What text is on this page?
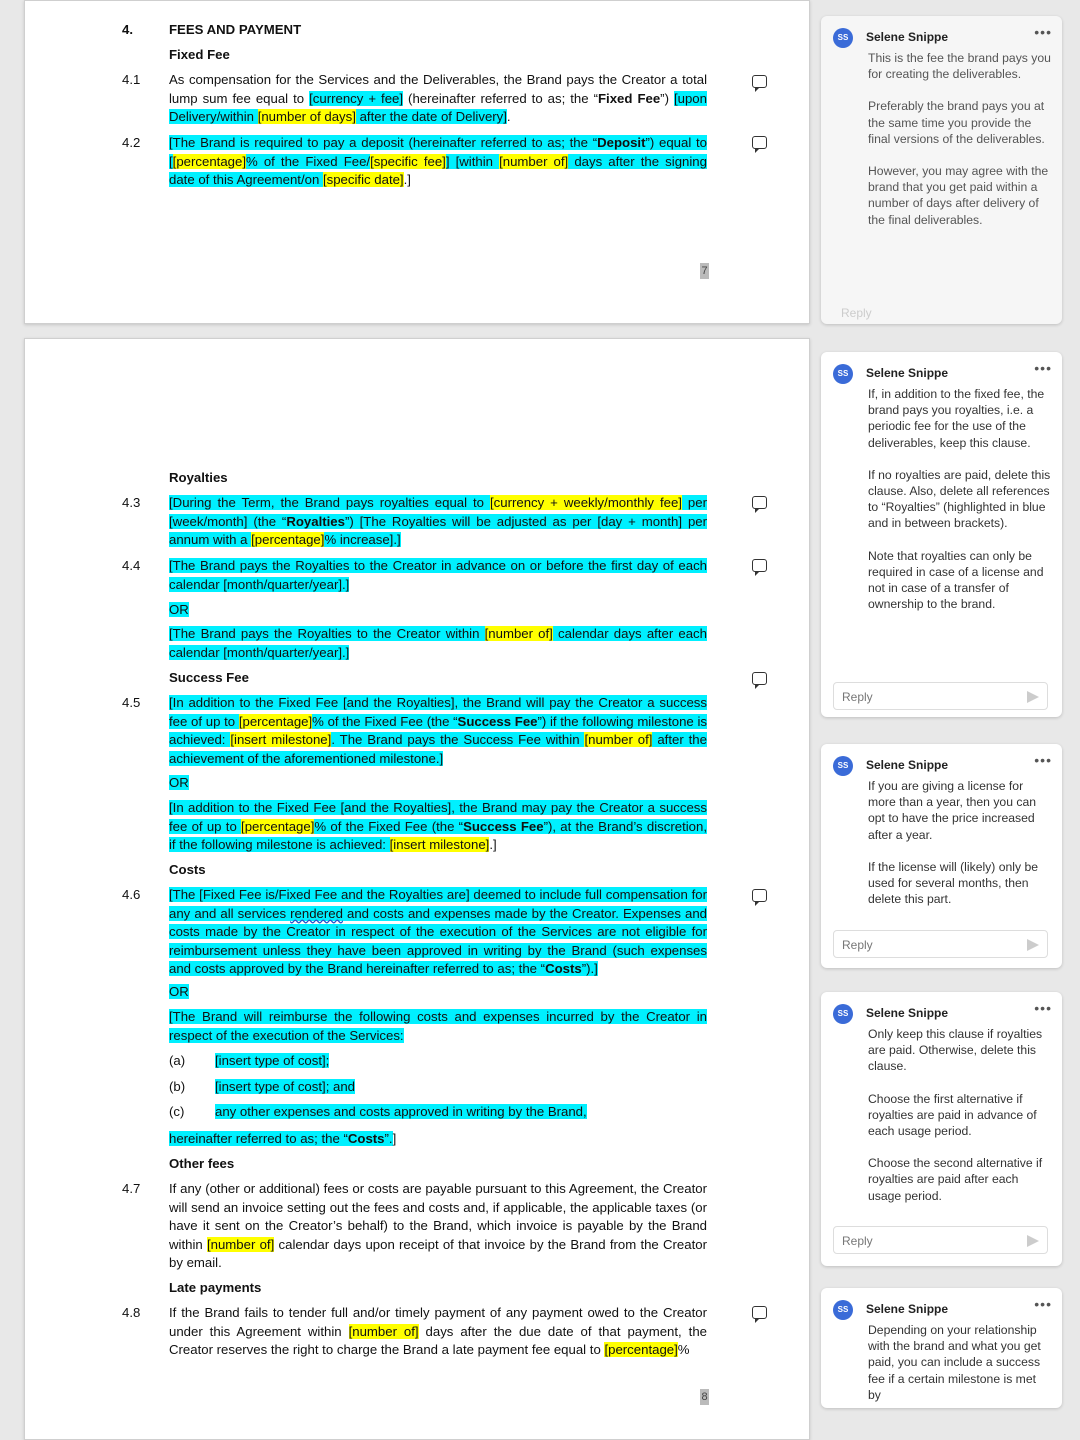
4.	FEES AND PAYMENT
Fixed Fee
4.1 As compensation for the Services and the Deliverables, the Brand pays the Creator a total lump sum fee equal to [currency + fee] (hereinafter referred to as; the “Fixed Fee”) [upon Delivery/within [number of days] after the date of Delivery].
4.2 [The Brand is required to pay a deposit (hereinafter referred to as; the “Deposit”) equal to [[percentage]% of the Fixed Fee/[specific fee]] [within [number of] days after the signing date of this Agreement/on [specific date].]
7
Royalties
4.3 [During the Term, the Brand pays royalties equal to [currency + weekly/monthly fee] per [week/month] (the “Royalties”) [The Royalties will be adjusted as per [day + month] per annum with a [percentage]% increase].]
4.4 [The Brand pays the Royalties to the Creator in advance on or before the first day of each calendar [month/quarter/year].]
OR
[The Brand pays the Royalties to the Creator within [number of] calendar days after each calendar [month/quarter/year].]
Success Fee
4.5 [In addition to the Fixed Fee [and the Royalties], the Brand will pay the Creator a success fee of up to [percentage]% of the Fixed Fee (the “Success Fee”) if the following milestone is achieved: [insert milestone]. The Brand pays the Success Fee within [number of] after the achievement of the aforementioned milestone.]
OR
[In addition to the Fixed Fee [and the Royalties], the Brand may pay the Creator a success fee of up to [percentage]% of the Fixed Fee (the “Success Fee”), at the Brand’s discretion, if the following milestone is achieved: [insert milestone].]
Costs
4.6 [The [Fixed Fee is/Fixed Fee and the Royalties are] deemed to include full compensation for any and all services rendered and costs and expenses made by the Creator. Expenses and costs made by the Creator in respect of the execution of the Services are not eligible for reimbursement unless they have been approved in writing by the Brand (such expenses and costs approved by the Brand hereinafter referred to as; the “Costs”).]
OR
[The Brand will reimburse the following costs and expenses incurred by the Creator in respect of the execution of the Services:
(a) [insert type of cost];
(b) [insert type of cost]; and
(c) any other expenses and costs approved in writing by the Brand,
hereinafter referred to as; the “Costs”.]
Other fees
4.7 If any (other or additional) fees or costs are payable pursuant to this Agreement, the Creator will send an invoice setting out the fees and costs and, if applicable, the applicable taxes (or have it sent on the Creator’s behalf) to the Brand, which invoice is payable by the Brand within [number of] calendar days upon receipt of that invoice by the Brand from the Creator by email.
Late payments
4.8 If the Brand fails to tender full and/or timely payment of any payment owed to the Creator under this Agreement within [number of] days after the due date of that payment, the Creator reserves the right to charge the Brand a late payment fee equal to [percentage]%
8
SS	Selene Snippe	•••

This is the fee the brand pays you for creating the deliverables.

Preferably the brand pays you at the same time you provide the final versions of the deliverables.

However, you may agree with the brand that you get paid within a number of days after delivery of the final deliverables.

Reply
SS	Selene Snippe	•••

If, in addition to the fixed fee, the brand pays you royalties, i.e. a periodic fee for the use of the deliverables, keep this clause.

If no royalties are paid, delete this clause. Also, delete all references to “Royalties” (highlighted in blue and in between brackets).

Note that royalties can only be required in case of a license and not in case of a transfer of ownership to the brand.

Reply
SS	Selene Snippe	•••

If you are giving a license for more than a year, then you can opt to have the price increased after a year.

If the license will (likely) only be used for several months, then delete this part.

Reply
SS	Selene Snippe	•••

Only keep this clause if royalties are paid. Otherwise, delete this clause.

Choose the first alternative if royalties are paid in advance of each usage period.

Choose the second alternative if royalties are paid after each usage period.

Reply
SS	Selene Snippe	•••

Depending on your relationship with the brand and what you get paid, you can include a success fee if a certain milestone is met by
